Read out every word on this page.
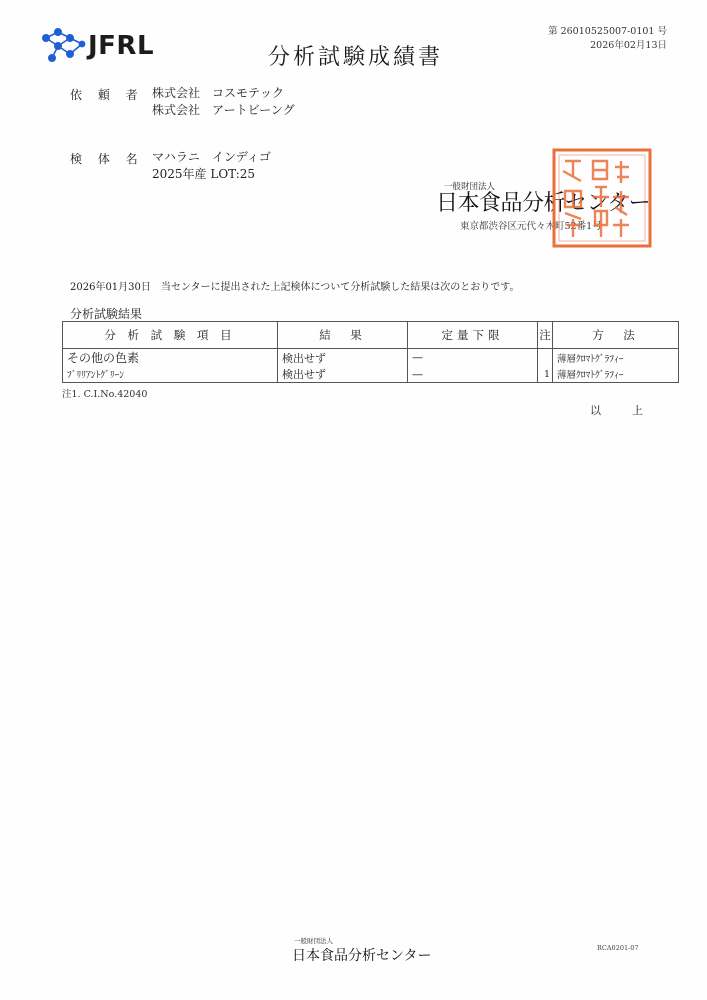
JFRL	分析試験成績書
第 26010525007-0101 号
2026年02月13日
依 頼 者 株式会社　コスモテック
株式会社　アートビーング
検 体 名 マハラニ　インディゴ
2025年産 LOT:25
一般財団法人
日本食品分析センター
東京都渋谷区元代々木町52番1号
2026年01月30日　当センターに提出された上記検体について分析試験した結果は次のとおりです。
分析試験結果
分 析 試 験 項 目	結　果	定量下限	注	方　法
その他の色素	検出せず	—		薄層ｸﾛﾏﾄｸﾞﾗﾌｨｰ
ﾌﾞﾘﾘｱﾝﾄｸﾞﾘｰﾝ	検出せず	—	1	薄層ｸﾛﾏﾄｸﾞﾗﾌｨｰ
注1. C.I.No.42040
以　上
一般財団法人
日本食品分析センター	RCA0201-07
